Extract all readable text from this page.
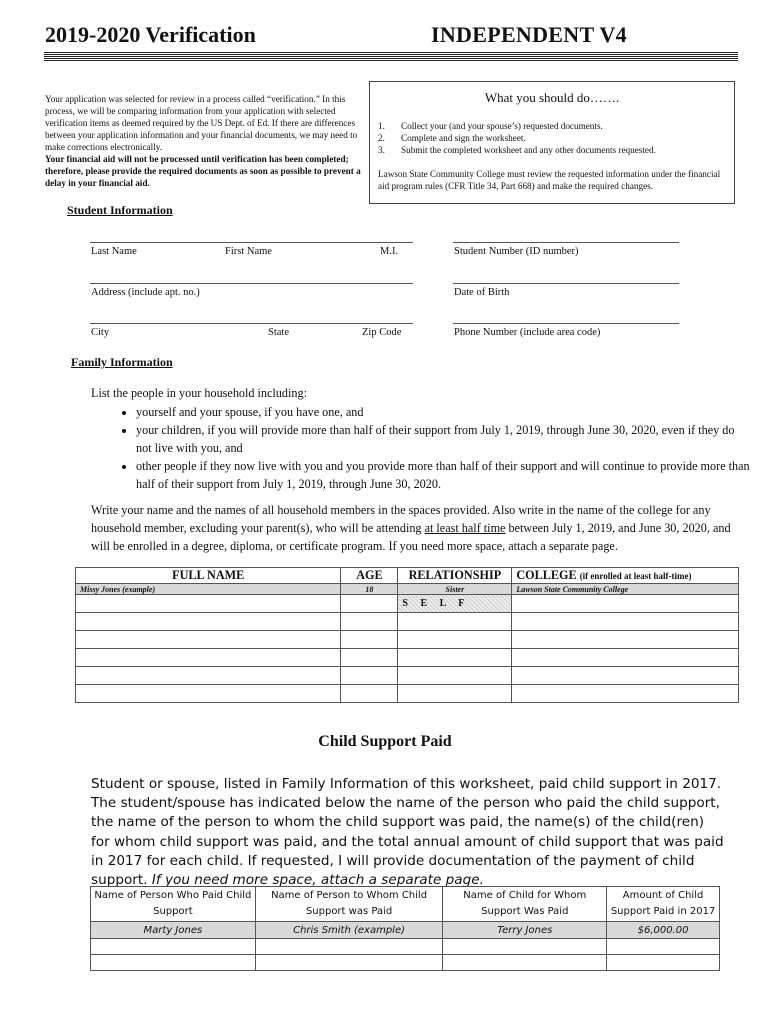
2019-2020 Verification	INDEPENDENT V4
Your application was selected for review in a process called “verification.” In this process, we will be comparing information from your application with selected verification items as deemed required by the US Dept. of Ed. If there are differences between your application information and your financial documents, we may need to make corrections electronically.
Your financial aid will not be processed until verification has been completed; therefore, please provide the required documents as soon as possible to prevent a delay in your financial aid.
What you should do…….
1. Collect your (and your spouse’s) requested documents.
2. Complete and sign the worksheet.
3. Submit the completed worksheet and any other documents requested.
Lawson State Community College must review the requested information under the financial aid program rules (CFR Title 34, Part 668) and make the required changes.
Student Information
Last Name	First Name	M.I.	Student Number (ID number)
Address (include apt. no.)	Date of Birth
City	State	Zip Code	Phone Number (include area code)
Family Information
List the people in your household including:
• yourself and your spouse, if you have one, and
• your children, if you will provide more than half of their support from July 1, 2019, through June 30, 2020, even if they do not live with you, and
• other people if they now live with you and you provide more than half of their support and will continue to provide more than half of their support from July 1, 2019, through June 30, 2020.
Write your name and the names of all household members in the spaces provided. Also write in the name of the college for any household member, excluding your parent(s), who will be attending at least half time between July 1, 2019, and June 30, 2020, and will be enrolled in a degree, diploma, or certificate program. If you need more space, attach a separate page.
FULL NAME	AGE	RELATIONSHIP	COLLEGE (if enrolled at least half-time)
Missy Jones (example)	18	Sister	Lawson State Community College
		S E L F	

Child Support Paid
Student or spouse, listed in Family Information of this worksheet, paid child support in 2017. The student/spouse has indicated below the name of the person who paid the child support, the name of the person to whom the child support was paid, the name(s) of the child(ren) for whom child support was paid, and the total annual amount of child support that was paid in 2017 for each child. If requested, I will provide documentation of the payment of child support. If you need more space, attach a separate page.
Name of Person Who Paid Child Support	Name of Person to Whom Child Support was Paid	Name of Child for Whom Support Was Paid	Amount of Child Support Paid in 2017
Marty Jones	Chris Smith (example)	Terry Jones	$6,000.00
